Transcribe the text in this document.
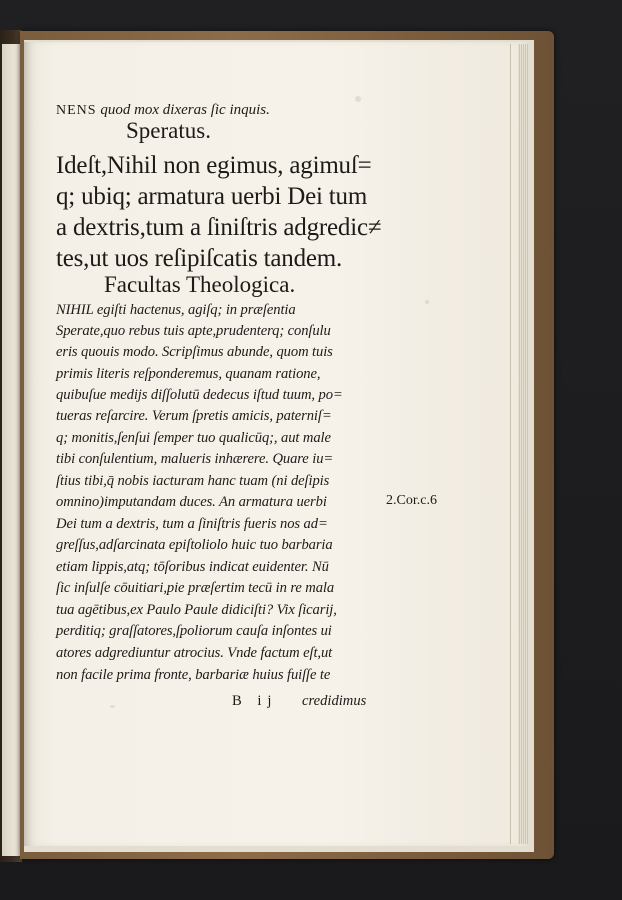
NENS quod mox dixeras ſic inquis.
Speratus.
Ideſt,Nihil non egimus, agimuſ=
q; ubiq; armatura uerbi Dei tum
a dextris,tum a ſiniſtris adgredic≠
tes,ut uos reſipiſcatis tandem.
Facultas Theologica.
NIHIL egiſti hactenus, agiſq; in præſentia
Sperate,quo rebus tuis apte,prudenterq; conſulu
eris quouis modo. Scripſimus abunde, quom tuis
primis literis reſponderemus, quanam ratione,
quibuſue medijs diſſolutū dedecus iſtud tuum, po=
tueras reſarcire. Verum ſpretis amicis, paterniſ=
q; monitis,ſenſui ſemper tuo qualicūq;, aut male
tibi conſulentium, malueris inhærere. Quare iu=
ſtius tibi,q̄ nobis iacturam hanc tuam (ni deſipis
omnino)imputandam duces. An armatura uerbi
Dei tum a dextris, tum a ſiniſtris fueris nos ad=
greſſus,adſarcinata epiſtoliolo huic tuo barbaria
etiam lippis,atq; tōſoribus indicat euidenter. Nū
ſic inſulſe cōuitiari,pie præſertim tecū in re mala
tua agētibus,ex Paulo Paule didiciſti? Vix ſicarij,
perditiq; graſſatores,ſpoliorum cauſa inſontes ui
atores adgrediuntur atrocius. Vnde factum eſt,ut
non facile prima fronte, barbariæ huius fuiſſe te
2.Cor.c.6
B ij credidimus
